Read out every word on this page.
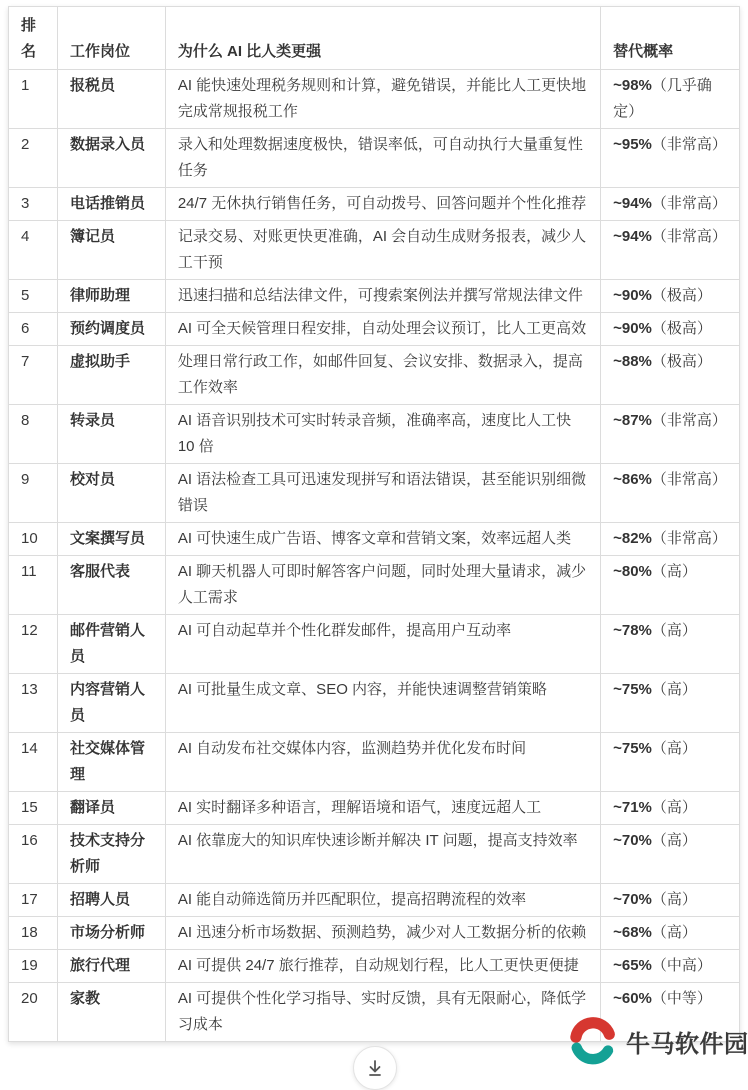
排名	工作岗位	为什么 AI 比人类更强	替代概率
1	报税员	AI 能快速处理税务规则和计算，避免错误，并能比人工更快地完成常规报税工作	~98%（几乎确定）
2	数据录入员	录入和处理数据速度极快，错误率低，可自动执行大量重复性任务	~95%（非常高）
3	电话推销员	24/7 无休执行销售任务，可自动拨号、回答问题并个性化推荐	~94%（非常高）
4	簿记员	记录交易、对账更快更准确，AI 会自动生成财务报表，减少人工干预	~94%（非常高）
5	律师助理	迅速扫描和总结法律文件，可搜索案例法并撰写常规法律文件	~90%（极高）
6	预约调度员	AI 可全天候管理日程安排，自动处理会议预订，比人工更高效	~90%（极高）
7	虚拟助手	处理日常行政工作，如邮件回复、会议安排、数据录入，提高工作效率	~88%（极高）
8	转录员	AI 语音识别技术可实时转录音频，准确率高，速度比人工快 10 倍	~87%（非常高）
9	校对员	AI 语法检查工具可迅速发现拼写和语法错误，甚至能识别细微错误	~86%（非常高）
10	文案撰写员	AI 可快速生成广告语、博客文章和营销文案，效率远超人类	~82%（非常高）
11	客服代表	AI 聊天机器人可即时解答客户问题，同时处理大量请求，减少人工需求	~80%（高）
12	邮件营销人员	AI 可自动起草并个性化群发邮件，提高用户互动率	~78%（高）
13	内容营销人员	AI 可批量生成文章、SEO 内容，并能快速调整营销策略	~75%（高）
14	社交媒体管理	AI 自动发布社交媒体内容，监测趋势并优化发布时间	~75%（高）
15	翻译员	AI 实时翻译多种语言，理解语境和语气，速度远超人工	~71%（高）
16	技术支持分析师	AI 依靠庞大的知识库快速诊断并解决 IT 问题，提高支持效率	~70%（高）
17	招聘人员	AI 能自动筛选简历并匹配职位，提高招聘流程的效率	~70%（高）
18	市场分析师	AI 迅速分析市场数据、预测趋势，减少对人工数据分析的依赖	~68%（高）
19	旅行代理	AI 可提供 24/7 旅行推荐，自动规划行程，比人工更快更便捷	~65%（中高）
20	家教	AI 可提供个性化学习指导、实时反馈，具有无限耐心，降低学习成本	~60%（中等）
牛马软件园
